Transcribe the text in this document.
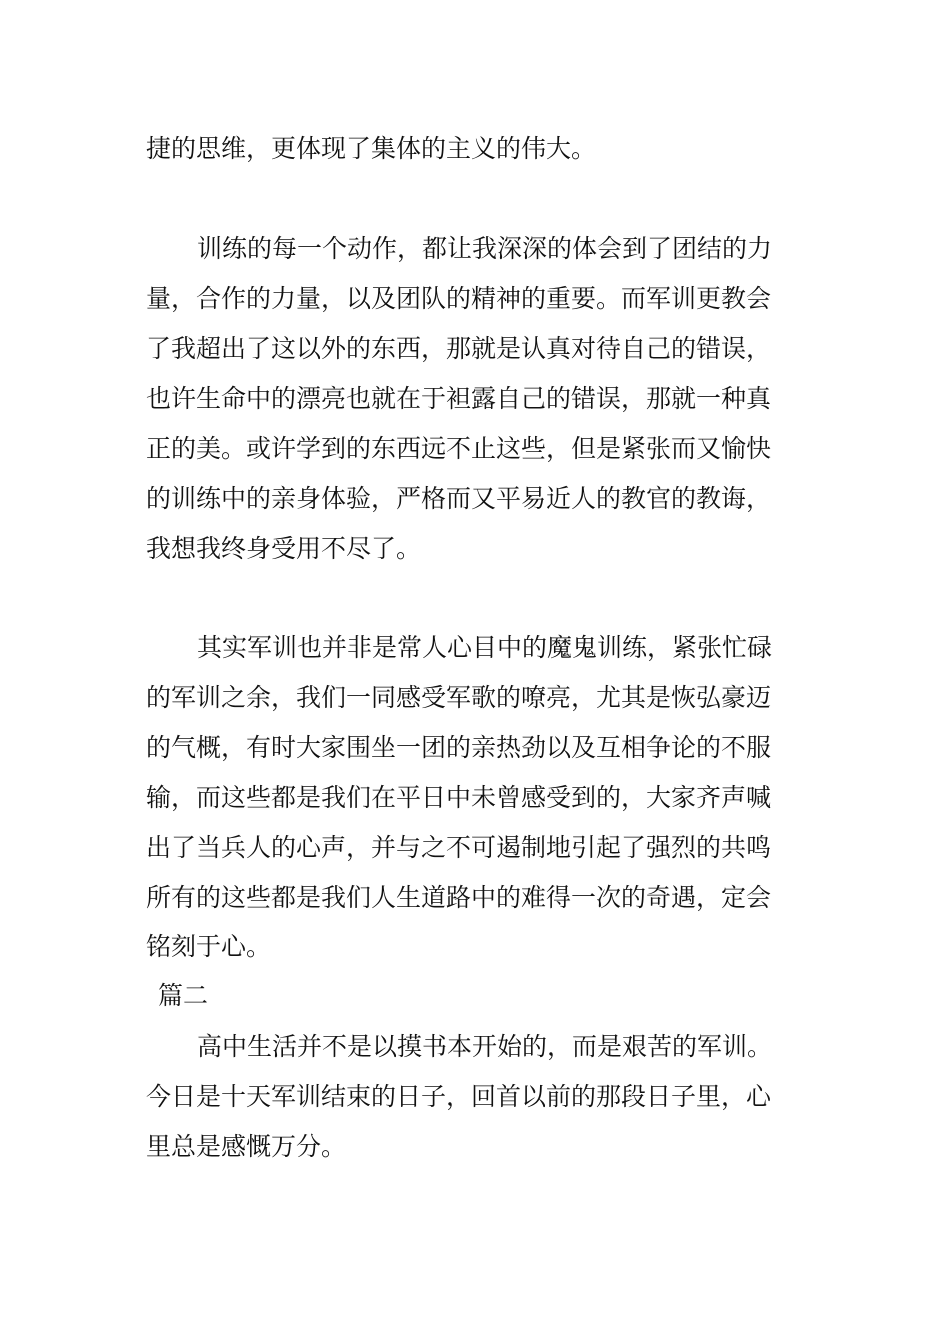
捷的思维，更体现了集体的主义的伟大。
训练的每一个动作，都让我深深的体会到了团结的力
量，合作的力量，以及团队的精神的重要。而军训更教会
了我超出了这以外的东西，那就是认真对待自己的错误，
也许生命中的漂亮也就在于袒露自己的错误，那就一种真
正的美。或许学到的东西远不止这些，但是紧张而又愉快
的训练中的亲身体验，严格而又平易近人的教官的教诲，
我想我终身受用不尽了。
其实军训也并非是常人心目中的魔鬼训练，紧张忙碌
的军训之余，我们一同感受军歌的嘹亮，尤其是恢弘豪迈
的气概，有时大家围坐一团的亲热劲以及互相争论的不服
输，而这些都是我们在平日中未曾感受到的，大家齐声喊
出了当兵人的心声，并与之不可遏制地引起了强烈的共鸣
所有的这些都是我们人生道路中的难得一次的奇遇，定会
铭刻于心。
篇二
高中生活并不是以摸书本开始的，而是艰苦的军训。
今日是十天军训结束的日子，回首以前的那段日子里，心
里总是感慨万分。
